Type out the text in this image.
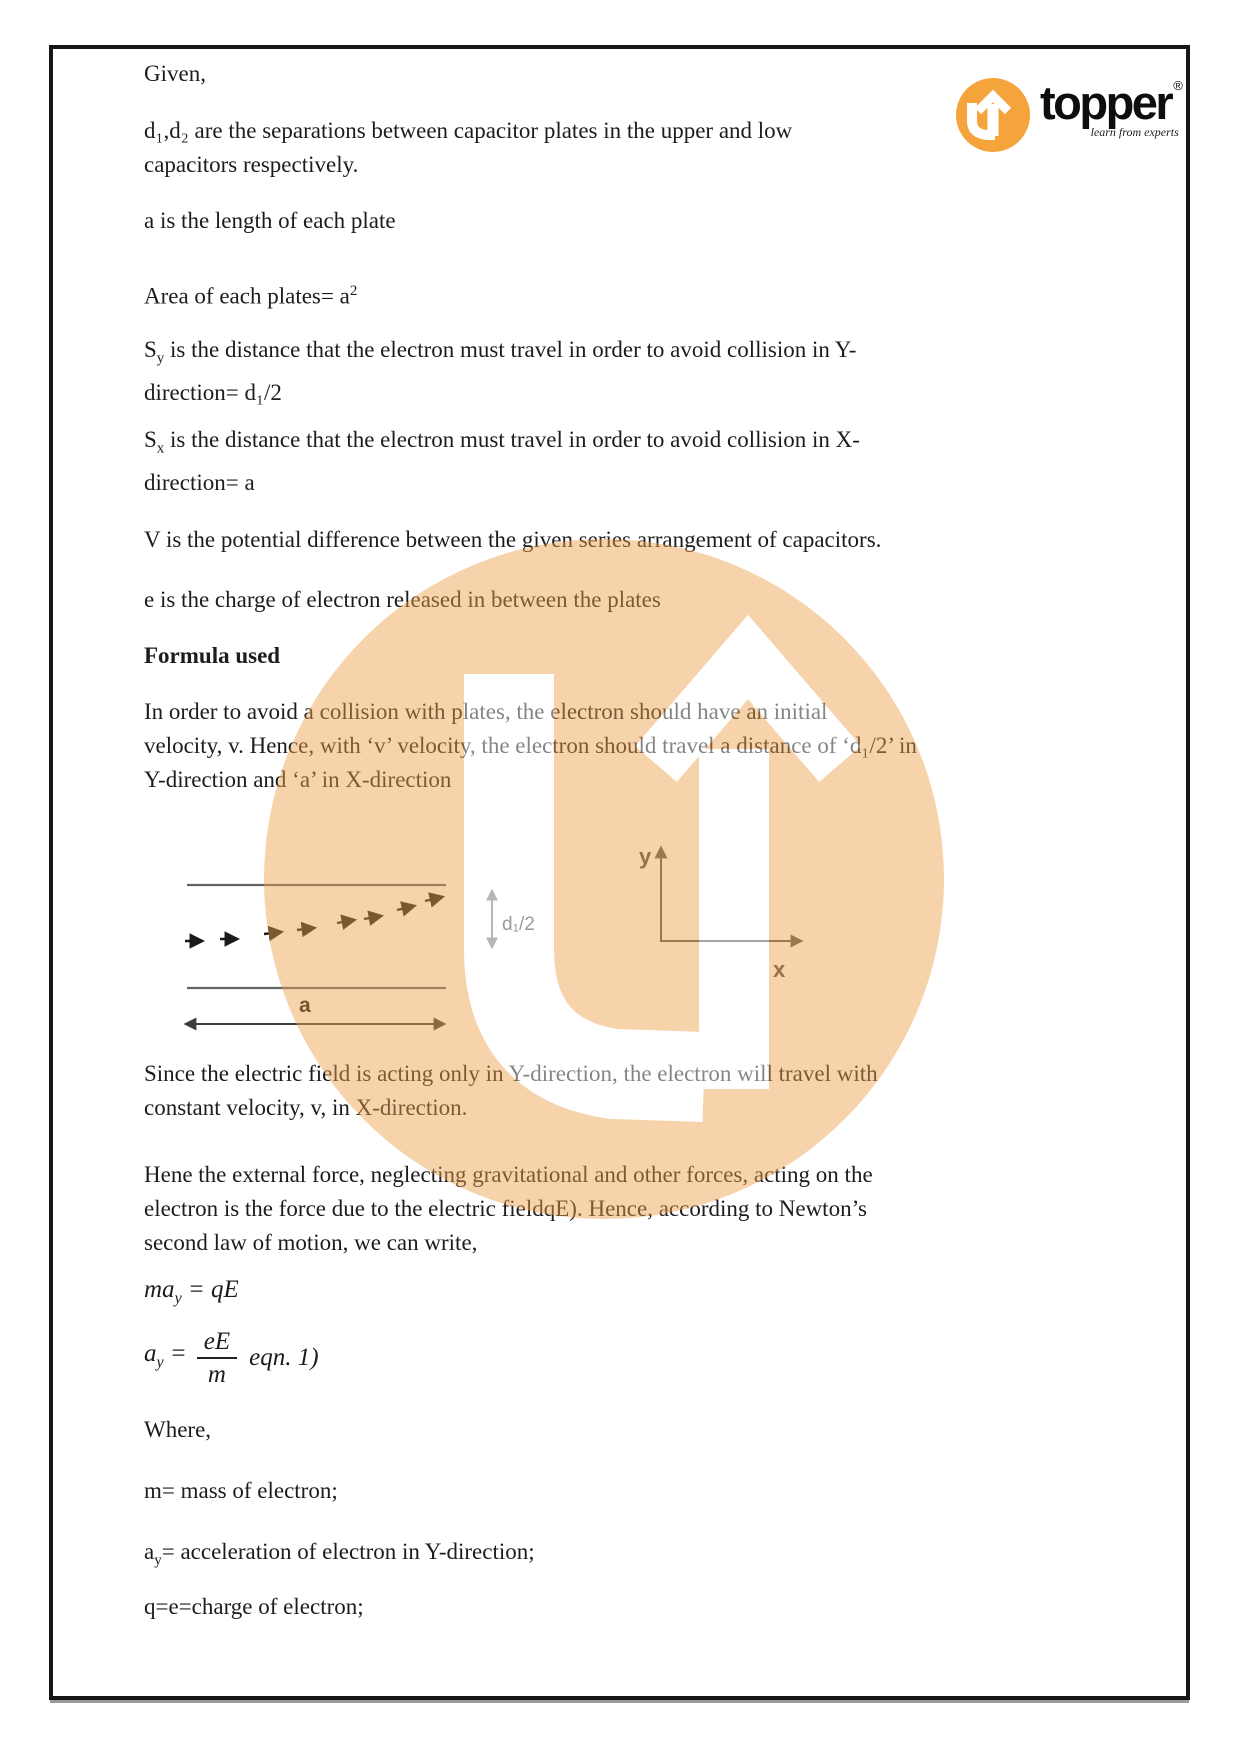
topper ®
learn from experts
Given,
d₁,d₂ are the separations between capacitor plates in the upper and low
capacitors respectively.
a is the length of each plate
Area of each plates= $a^2$
$S_y$ is the distance that the electron must travel in order to avoid collision in Y-
direction= d₁/2
$S_x$ is the distance that the electron must travel in order to avoid collision in X-
direction= a
V is the potential difference between the given series arrangement of capacitors.
e is the charge of electron released in between the plates
Formula used
In order to avoid a collision with plates, the electron should have an initial
velocity, v. Hence, with ‘v’ velocity, the electron should travel a distance of ‘d₁/2’ in
Y-direction and ‘a’ in X-direction
d₁/2
a
y
x
Since the electric field is acting only in Y-direction, the electron will travel with
constant velocity, v, in X-direction.
Hene the external force, neglecting gravitational and other forces, acting on the
electron is the force due to the electric fieldqE). Hence, according to Newton’s
second law of motion, we can write,
$ma_y$ = qE
$a_y = \frac{eE}{m}$ eqn. 1)
Where,
m= mass of electron;
$a_y=$ acceleration of electron in Y-direction;
q=e=charge of electron;
